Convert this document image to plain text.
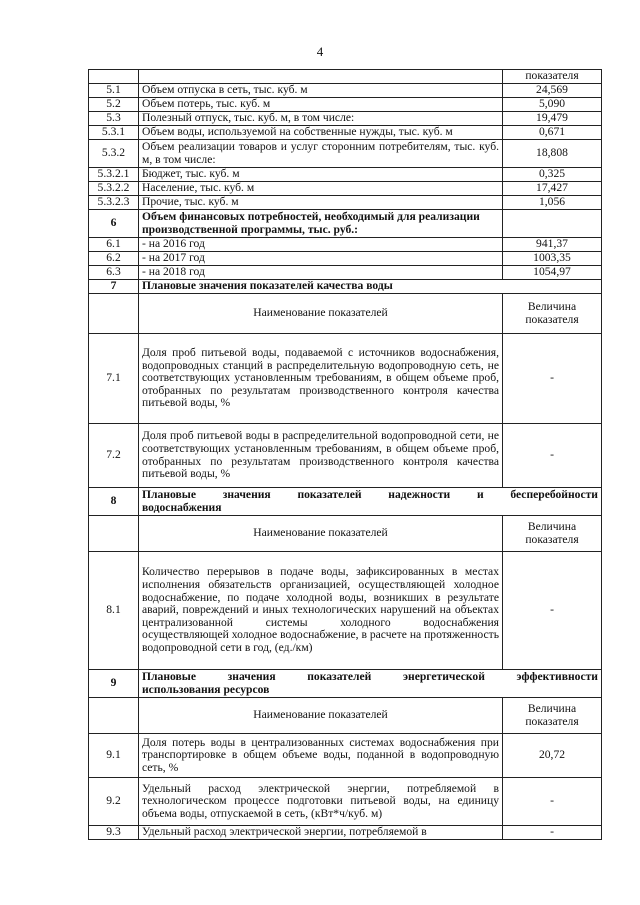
4
		показателя
5.1	Объем отпуска в сеть, тыс. куб. м	24,569
5.2	Объем потерь, тыс. куб. м	5,090
5.3	Полезный отпуск, тыс. куб. м, в том числе:	19,479
5.3.1	Объем воды, используемой на собственные нужды, тыс. куб. м	0,671
5.3.2	Объем реализации товаров и услуг сторонним потребителям, тыс. куб. м, в том числе:	18,808
5.3.2.1	Бюджет, тыс. куб. м	0,325
5.3.2.2	Население, тыс. куб. м	17,427
5.3.2.3	Прочие, тыс. куб. м	1,056
6	Объем финансовых потребностей, необходимый для реализации производственной программы, тыс. руб.:	
6.1	- на 2016 год	941,37
6.2	- на 2017 год	1003,35
6.3	- на 2018 год	1054,97
7	Плановые значения показателей качества воды	
	Наименование показателей	Величина показателя
7.1	Доля проб питьевой воды, подаваемой с источников водоснабжения, водопроводных станций в распределительную водопроводную сеть, не соответствующих установленным требованиям, в общем объеме проб, отобранных по результатам производственного контроля качества питьевой воды, %	-
7.2	Доля проб питьевой воды в распределительной водопроводной сети, не соответствующих установленным требованиям, в общем объеме проб, отобранных по результатам производственного контроля качества питьевой воды, %	-
8	Плановые значения показателей надежности и бесперебойности
водоснабжения	

	Наименование показателей	Величина показателя
8.1	Количество перерывов в подаче воды, зафиксированных в местах исполнения обязательств организацией, осуществляющей холодное водоснабжение, по подаче холодной воды, возникших в результате аварий, повреждений и иных технологических нарушений на объектах централизованной системы холодного водоснабжения осуществляющей холодное водоснабжение, в расчете на протяженность водопроводной сети в год, (ед./км)	-
9	Плановые значения показателей энергетической эффективности
использования ресурсов	

	Наименование показателей	Величина показателя
9.1	Доля потерь воды в централизованных системах водоснабжения при транспортировке в общем объеме воды, поданной в водопроводную сеть, %	20,72
9.2	Удельный расход электрической энергии, потребляемой в технологическом процессе подготовки питьевой воды, на единицу объема воды, отпускаемой в сеть, (кВт*ч/куб. м)	-
9.3	Удельный расход электрической энергии, потребляемой в	-
